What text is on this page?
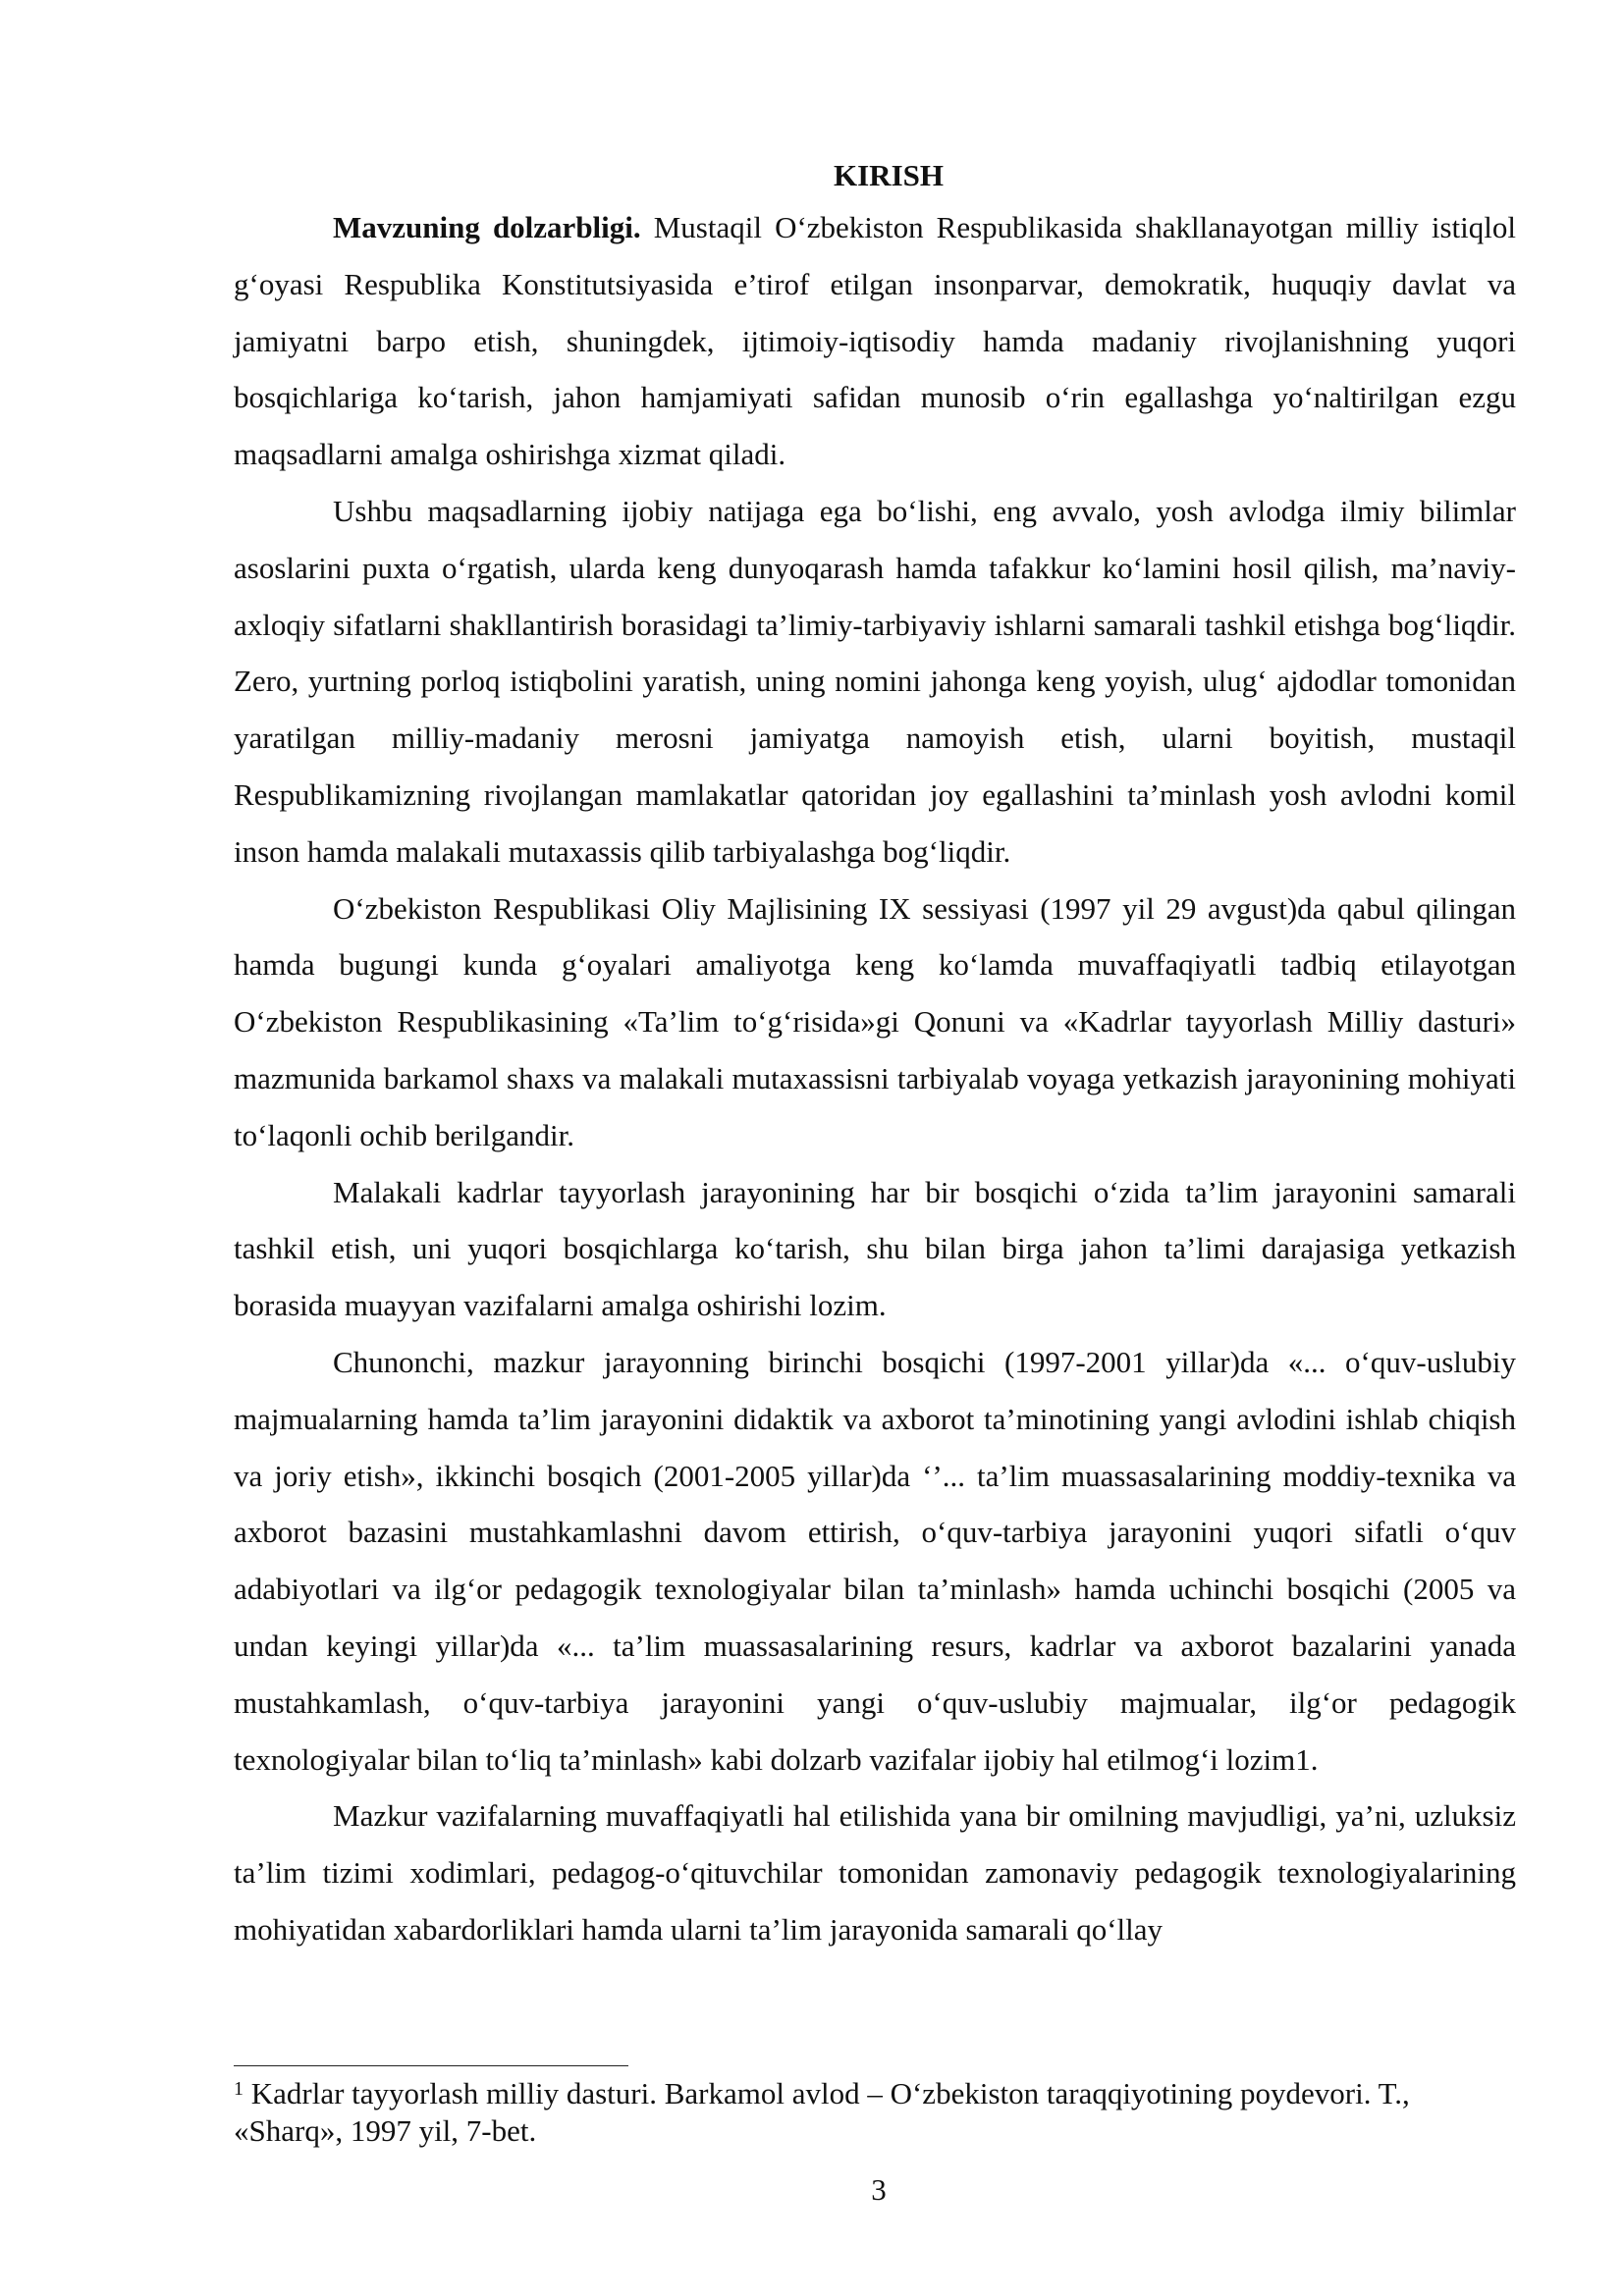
KIRISH

Mavzuning dolzarbligi. Mustaqil O‘zbekiston Respublikasida shakllanayotgan milliy istiqlol g‘oyasi Respublika Konstitutsiyasida e’tirof etilgan insonparvar, demokratik, huquqiy davlat va jamiyatni barpo etish, shuningdek, ijtimoiy-iqtisodiy hamda madaniy rivojlanishning yuqori bosqichlariga ko‘tarish, jahon hamjamiyati safidan munosib o‘rin egallashga yo‘naltirilgan ezgu maqsadlarni amalga oshirishga xizmat qiladi.

Ushbu maqsadlarning ijobiy natijaga ega bo‘lishi, eng avvalo, yosh avlodga ilmiy bilimlar asoslarini puxta o‘rgatish, ularda keng dunyoqarash hamda tafakkur ko‘lamini hosil qilish, ma’naviy-axloqiy sifatlarni shakllantirish borasidagi ta’limiy-tarbiyaviy ishlarni samarali tashkil etishga bog‘liqdir. Zero, yurtning porloq istiqbolini yaratish, uning nomini jahonga keng yoyish, ulug‘ ajdodlar tomonidan yaratilgan milliy-madaniy merosni jamiyatga namoyish etish, ularni boyitish, mustaqil Respublikamizning rivojlangan mamlakatlar qatoridan joy egallashini ta’minlash yosh avlodni komil inson hamda malakali mutaxassis qilib tarbiyalashga bog‘liqdir.

O‘zbekiston Respublikasi Oliy Majlisining IX sessiyasi (1997 yil 29 avgust)da qabul qilingan hamda bugungi kunda g‘oyalari amaliyotga keng ko‘lamda muvaffaqiyatli tadbiq etilayotgan O‘zbekiston Respublikasining «Ta’lim to‘g‘risida»gi Qonuni va «Kadrlar tayyorlash Milliy dasturi» mazmunida barkamol shaxs va malakali mutaxassisni tarbiyalab voyaga yetkazish jarayonining mohiyati to‘laqonli ochib berilgandir.

Malakali kadrlar tayyorlash jarayonining har bir bosqichi o‘zida ta’lim jarayonini samarali tashkil etish, uni yuqori bosqichlarga ko‘tarish, shu bilan birga jahon ta’limi darajasiga yetkazish borasida muayyan vazifalarni amalga oshirishi lozim.

Chunonchi, mazkur jarayonning birinchi bosqichi (1997-2001 yillar)da «... o‘quv-uslubiy majmualarning hamda ta’lim jarayonini didaktik va axborot ta’minotining yangi avlodini ishlab chiqish va joriy etish», ikkinchi bosqich (2001-2005 yillar)da ‘’... ta’lim muassasalarining moddiy-texnika va axborot bazasini mustahkamlashni davom ettirish, o‘quv-tarbiya jarayonini yuqori sifatli o‘quv adabiyotlari va ilg‘or pedagogik texnologiyalar bilan ta’minlash» hamda uchinchi bosqichi (2005 va undan keyingi yillar)da «... ta’lim muassasalarining resurs, kadrlar va axborot bazalarini yanada mustahkamlash, o‘quv-tarbiya jarayonini yangi o‘quv-uslubiy majmualar, ilg‘or pedagogik texnologiyalar bilan to‘liq ta’minlash» kabi dolzarb vazifalar ijobiy hal etilmog‘i lozim1.

Mazkur vazifalarning muvaffaqiyatli hal etilishida yana bir omilning mavjudligi, ya’ni, uzluksiz ta’lim tizimi xodimlari, pedagog-o‘qituvchilar tomonidan zamonaviy pedagogik texnologiyalarining mohiyatidan xabardorliklari hamda ularni ta’lim jarayonida samarali qo‘llay

$^1$ Kadrlar tayyorlash milliy dasturi. Barkamol avlod – O‘zbekiston taraqqiyotining poydevori. T., «Sharq», 1997 yil, 7-bet.

3
